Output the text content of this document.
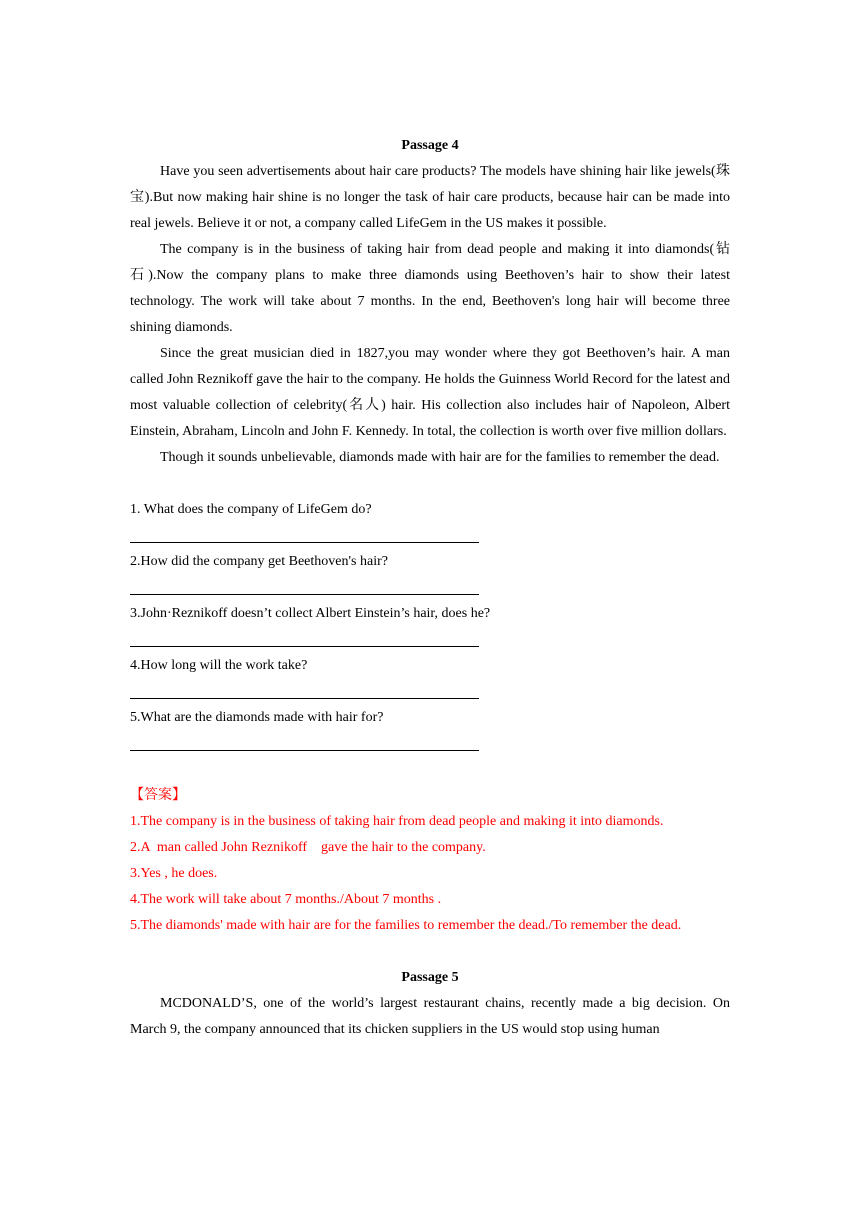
Passage 4

Have you seen advertisements about hair care products? The models have shining hair like jewels(珠宝).But now making hair shine is no longer the task of hair care products, because hair can be made into real jewels. Believe it or not, a company called LifeGem in the US makes it possible.

The company is in the business of taking hair from dead people and making it into diamonds(钻石).Now the company plans to make three diamonds using Beethoven’s hair to show their latest technology. The work will take about 7 months. In the end, Beethoven's long hair will become three shining diamonds.

Since the great musician died in 1827,you may wonder where they got Beethoven’s hair. A man called John Reznikoff gave the hair to the company. He holds the Guinness World Record for the latest and most valuable collection of celebrity(名人) hair. His collection also includes hair of Napoleon, Albert Einstein, Abraham, Lincoln and John F. Kennedy. In total, the collection is worth over five million dollars.

Though it sounds unbelievable, diamonds made with hair are for the families to remember the dead.

1. What does the company of LifeGem do?
2.How did the company get Beethoven's hair?
3.John·Reznikoff doesn’t collect Albert Einstein’s hair, does he?
4.How long will the work take?
5.What are the diamonds made with hair for?
【答案】
1.The company is in the business of taking hair from dead people and making it into diamonds.
2.A  man called John Reznikoff    gave the hair to the company.
3.Yes , he does.
4.The work will take about 7 months./About 7 months .
5.The diamonds' made with hair are for the families to remember the dead./To remember the dead.
Passage 5

MCDONALD’S, one of the world’s largest restaurant chains, recently made a big decision. On March 9, the company announced that its chicken suppliers in the US would stop using human
